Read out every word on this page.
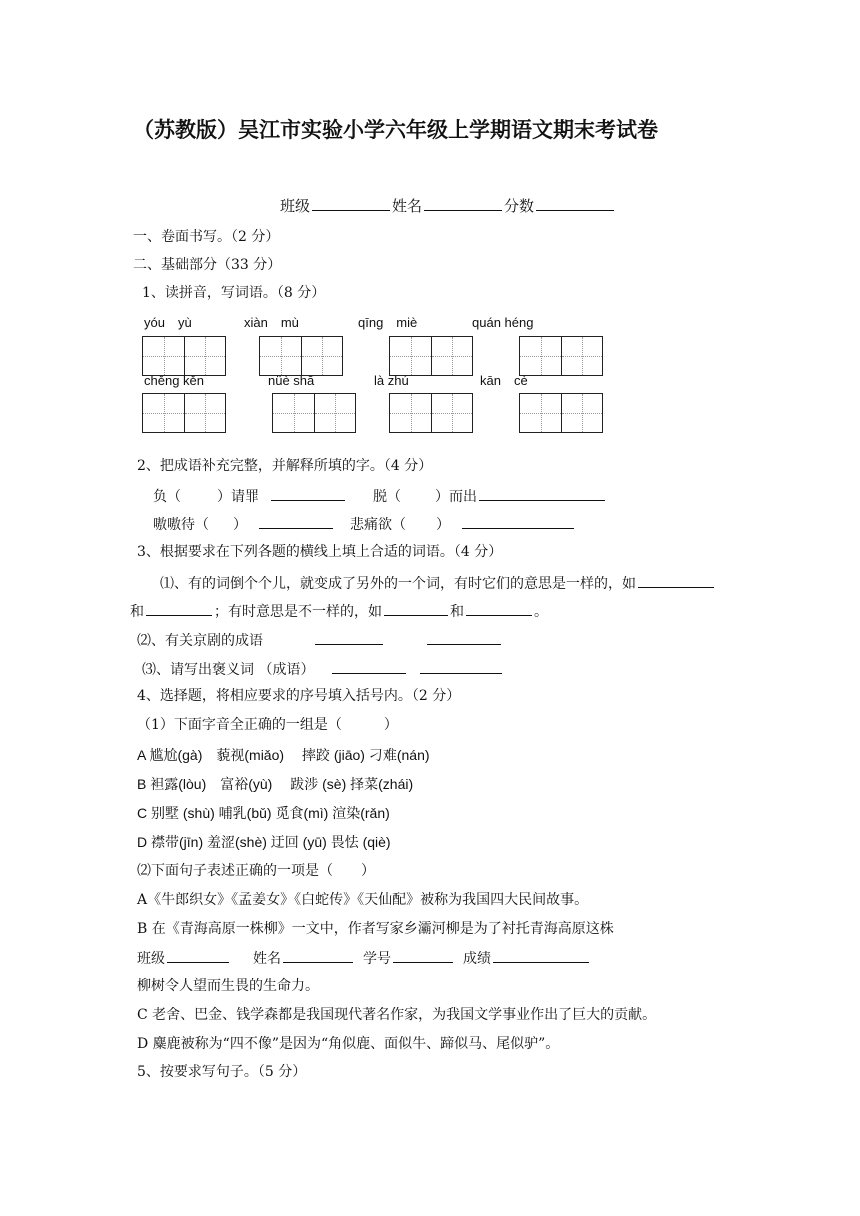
（苏教版）吴江市实验小学六年级上学期语文期末考试卷
班级	姓名	分数
一、卷面书写。（2 分）
二、基础部分（33 分）
1、读拼音，写词语。（8 分）
yóu　yù	xiàn　mù	qīng　miè	quán héng
chěng kěn	nüè shā	là zhú	kān　cè
2、把成语补充完整，并解释所填的字。（4 分）
负（	）请罪	脱（ ）而出
嗷嗷待（ ）	悲痛欲（ ）
3、根据要求在下列各题的横线上填上合适的词语。（4 分）
⑴、有的词倒个个儿，就变成了另外的一个词，有时它们的意思是一样的，如
和	；有时意思是不一样的，如	和	。
⑵、有关京剧的成语
⑶、请写出褒义词 （成语）
4、选择题，将相应要求的序号填入括号内。（2 分）
（1）下面字音全正确的一组是（　　　）
A 尴尬(gà)　藐视(miǎo)　 摔跤 (jiāo) 刁难(nán)
B 袒露(lòu)　富裕(yù)　 跋涉 (sè) 择菜(zhái)
C 别墅 (shù) 哺乳(bǔ) 觅食(mì) 渲染(rǎn)
D 襟带(jīn) 羞涩(shè) 迂回 (yū) 畏怯 (qiè)
⑵下面句子表述正确的一项是（　　）
A《牛郎织女》《孟姜女》《白蛇传》《天仙配》被称为我国四大民间故事。
B 在《青海高原一株柳》一文中，作者写家乡灞河柳是为了衬托青海高原这株
班级	姓名	学号	成绩
柳树令人望而生畏的生命力。
C 老舍、巴金、钱学森都是我国现代著名作家，为我国文学事业作出了巨大的贡献。
D 麋鹿被称为“四不像”是因为“角似鹿、面似牛、蹄似马、尾似驴”。
5、按要求写句子。（5 分）
